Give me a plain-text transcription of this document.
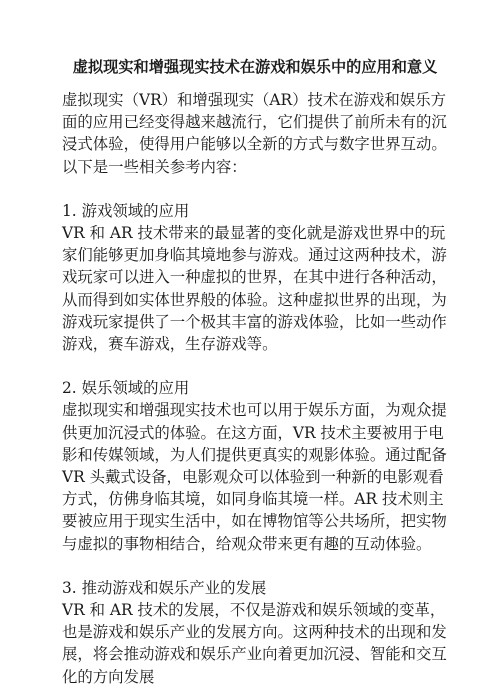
虚拟现实和增强现实技术在游戏和娱乐中的应用和意义

虚拟现实（VR）和增强现实（AR）技术在游戏和娱乐方面的应用已经变得越来越流行，它们提供了前所未有的沉浸式体验，使得用户能够以全新的方式与数字世界互动。以下是一些相关参考内容：

1. 游戏领域的应用

VR 和 AR 技术带来的最显著的变化就是游戏世界中的玩家们能够更加身临其境地参与游戏。通过这两种技术，游戏玩家可以进入一种虚拟的世界，在其中进行各种活动，从而得到如实体世界般的体验。这种虚拟世界的出现，为游戏玩家提供了一个极其丰富的游戏体验，比如一些动作游戏，赛车游戏，生存游戏等。

2. 娱乐领域的应用

虚拟现实和增强现实技术也可以用于娱乐方面，为观众提供更加沉浸式的体验。在这方面，VR 技术主要被用于电影和传媒领域，为人们提供更真实的观影体验。通过配备 VR 头戴式设备，电影观众可以体验到一种新的电影观看方式，仿佛身临其境，如同身临其境一样。AR 技术则主要被应用于现实生活中，如在博物馆等公共场所，把实物与虚拟的事物相结合，给观众带来更有趣的互动体验。

3. 推动游戏和娱乐产业的发展

VR 和 AR 技术的发展，不仅是游戏和娱乐领域的变革，也是游戏和娱乐产业的发展方向。这两种技术的出现和发展，将会推动游戏和娱乐产业向着更加沉浸、智能和交互化的方向发展
